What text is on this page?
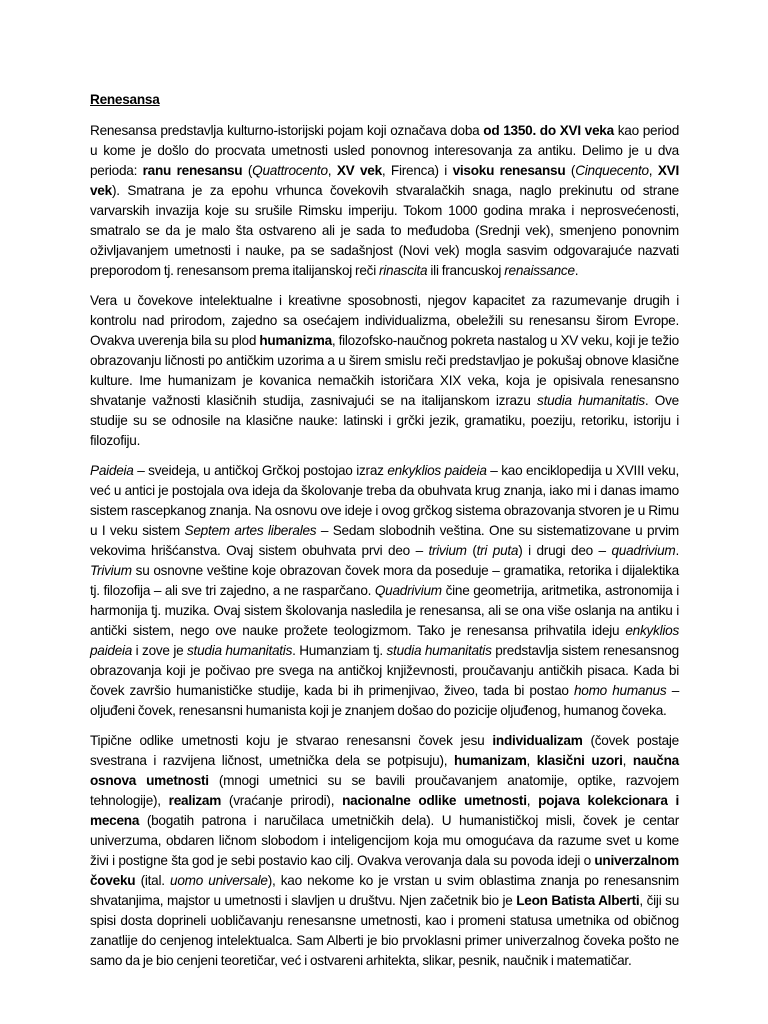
Renesansa

Renesansa predstavlja kulturno-istorijski pojam koji označava doba od 1350. do XVI veka kao period u kome je došlo do procvata umetnosti usled ponovnog interesovanja za antiku. Delimo je u dva perioda: ranu renesansu (Quattrocento, XV vek, Firenca) i visoku renesansu (Cinquecento, XVI vek). Smatrana je za epohu vrhunca čovekovih stvaralačkih snaga, naglo prekinutu od strane varvarskih invazija koje su srušile Rimsku imperiju. Tokom 1000 godina mraka i neprosvećenosti, smatralo se da je malo šta ostvareno ali je sada to međudoba (Srednji vek), smenjeno ponovnim oživljavanjem umetnosti i nauke, pa se sadašnjost (Novi vek) mogla sasvim odgovarajuće nazvati preporodom tj. renesansom prema italijanskoj reči rinascita ili francuskoj renaissance.

Vera u čovekove intelektualne i kreativne sposobnosti, njegov kapacitet za razumevanje drugih i kontrolu nad prirodom, zajedno sa osećajem individualizma, obeležili su renesansu širom Evrope. Ovakva uverenja bila su plod humanizma, filozofsko-naučnog pokreta nastalog u XV veku, koji je težio obrazovanju ličnosti po antičkim uzorima a u širem smislu reči predstavljao je pokušaj obnove klasične kulture. Ime humanizam je kovanica nemačkih istoričara XIX veka, koja je opisivala renesansno shvatanje važnosti klasičnih studija, zasnivajući se na italijanskom izrazu studia humanitatis. Ove studije su se odnosile na klasične nauke: latinski i grčki jezik, gramatiku, poeziju, retoriku, istoriju i filozofiju.

Paideia – sveideja, u antičkoj Grčkoj postojao izraz enkyklios paideia – kao enciklopedija u XVIII veku, već u antici je postojala ova ideja da školovanje treba da obuhvata krug znanja, iako mi i danas imamo sistem rascepkanog znanja. Na osnovu ove ideje i ovog grčkog sistema obrazovanja stvoren je u Rimu u I veku sistem Septem artes liberales – Sedam slobodnih veština. One su sistematizovane u prvim vekovima hrišćanstva. Ovaj sistem obuhvata prvi deo – trivium (tri puta) i drugi deo – quadrivium. Trivium su osnovne veštine koje obrazovan čovek mora da poseduje – gramatika, retorika i dijalektika tj. filozofija – ali sve tri zajedno, a ne rasparčano. Quadrivium čine geometrija, aritmetika, astronomija i harmonija tj. muzika. Ovaj sistem školovanja nasledila je renesansa, ali se ona više oslanja na antiku i antički sistem, nego ove nauke prožete teologizmom. Tako je renesansa prihvatila ideju enkyklios paideia i zove je studia humanitatis. Humanziam tj. studia humanitatis predstavlja sistem renesansnog obrazovanja koji je počivao pre svega na antičkoj književnosti, proučavanju antičkih pisaca. Kada bi čovek završio humanističke studije, kada bi ih primenjivao, živeo, tada bi postao homo humanus – oljuđeni čovek, renesansni humanista koji je znanjem došao do pozicije oljuđenog, humanog čoveka.

Tipične odlike umetnosti koju je stvarao renesansni čovek jesu individualizam (čovek postaje svestrana i razvijena ličnost, umetnička dela se potpisuju), humanizam, klasični uzori, naučna osnova umetnosti (mnogi umetnici su se bavili proučavanjem anatomije, optike, razvojem tehnologije), realizam (vraćanje prirodi), nacionalne odlike umetnosti, pojava kolekcionara i mecena (bogatih patrona i naručilaca umetničkih dela). U humanističkoj misli, čovek je centar univerzuma, obdaren ličnom slobodom i inteligencijom koja mu omogućava da razume svet u kome živi i postigne šta god je sebi postavio kao cilj. Ovakva verovanja dala su povoda ideji o univerzalnom čoveku (ital. uomo universale), kao nekome ko je vrstan u svim oblastima znanja po renesansnim shvatanjima, majstor u umetnosti i slavljen u društvu. Njen začetnik bio je Leon Batista Alberti, čiji su spisi dosta doprineli uobličavanju renesansne umetnosti, kao i promeni statusa umetnika od običnog zanatlije do cenjenog intelektualca. Sam Alberti je bio prvoklasni primer univerzalnog čoveka pošto ne samo da je bio cenjeni teoretičar, već i ostvareni arhitekta, slikar, pesnik, naučnik i matematičar.
